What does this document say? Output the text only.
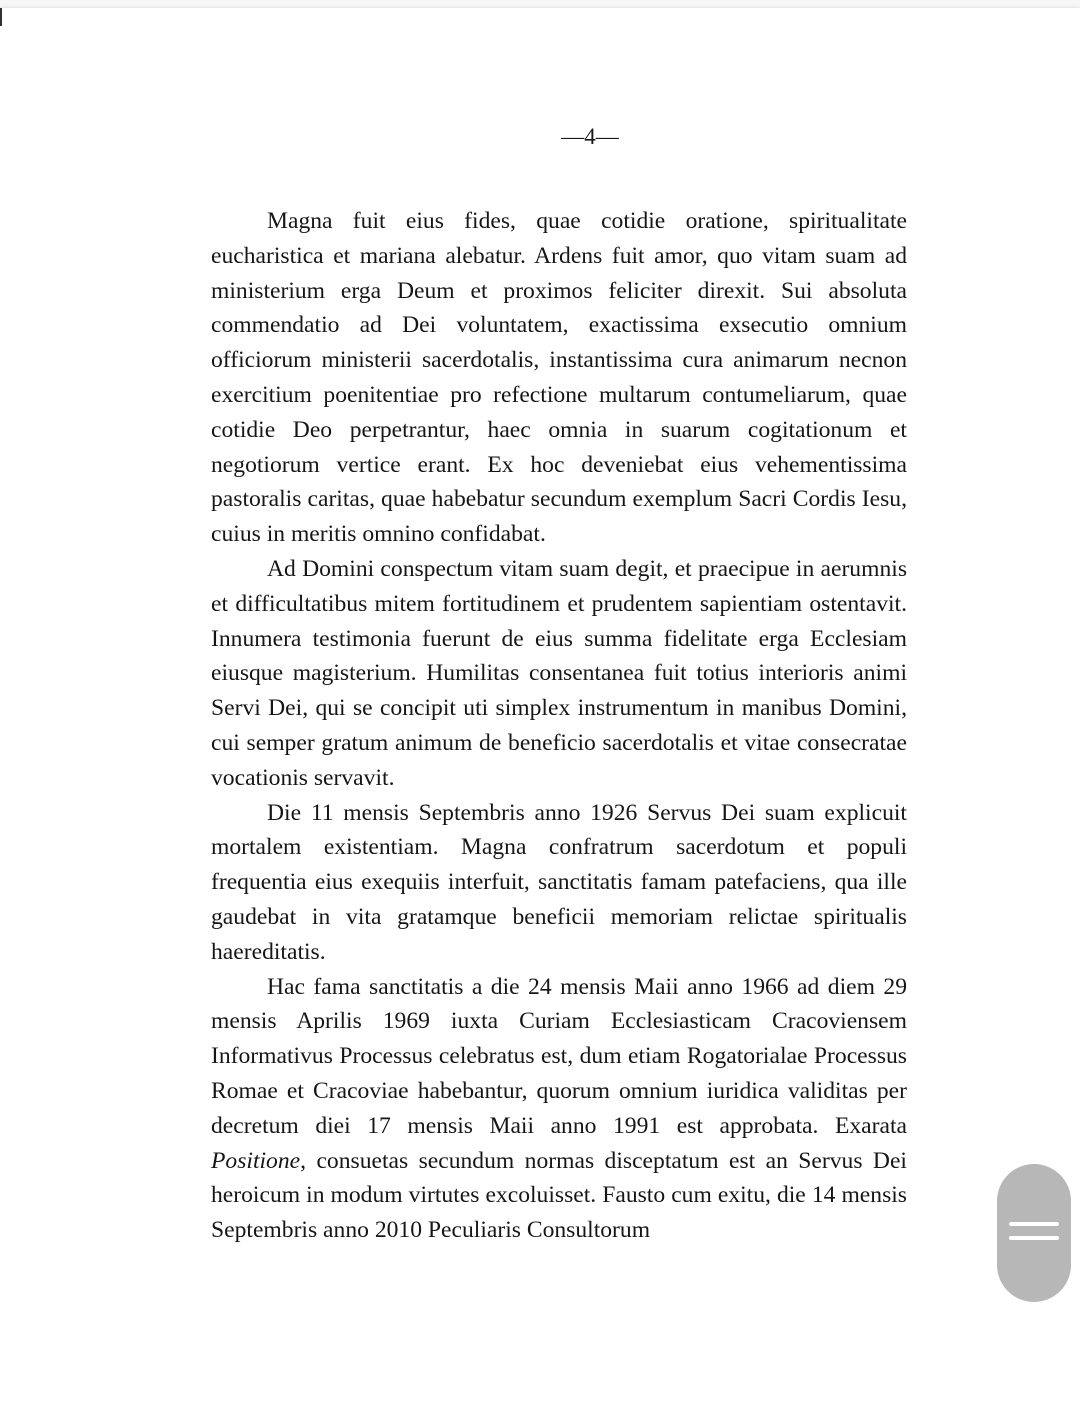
—4—

Magna fuit eius fides, quae cotidie oratione, spiritualitate eucharistica et mariana alebatur. Ardens fuit amor, quo vitam suam ad ministerium erga Deum et proximos feliciter direxit. Sui absoluta commendatio ad Dei voluntatem, exactissima exsecutio omnium officiorum ministerii sacerdotalis, instantissima cura animarum necnon exercitium poenitentiae pro refectione multarum contumeliarum, quae cotidie Deo perpetrantur, haec omnia in suarum cogitationum et negotiorum vertice erant. Ex hoc deveniebat eius vehementissima pastoralis caritas, quae habebatur secundum exemplum Sacri Cordis Iesu, cuius in meritis omnino confidabat.

Ad Domini conspectum vitam suam degit, et praecipue in aerumnis et difficultatibus mitem fortitudinem et prudentem sapientiam ostentavit. Innumera testimonia fuerunt de eius summa fidelitate erga Ecclesiam eiusque magisterium. Humilitas consentanea fuit totius interioris animi Servi Dei, qui se concipit uti simplex instrumentum in manibus Domini, cui semper gratum animum de beneficio sacerdotalis et vitae consecratae vocationis servavit.

Die 11 mensis Septembris anno 1926 Servus Dei suam explicuit mortalem existentiam. Magna confratrum sacerdotum et populi frequentia eius exequiis interfuit, sanctitatis famam patefaciens, qua ille gaudebat in vita gratamque beneficii memoriam relictae spiritualis haereditatis.

Hac fama sanctitatis a die 24 mensis Maii anno 1966 ad diem 29 mensis Aprilis 1969 iuxta Curiam Ecclesiasticam Cracoviensem Informativus Processus celebratus est, dum etiam Rogatorialae Processus Romae et Cracoviae habebantur, quorum omnium iuridica validitas per decretum diei 17 mensis Maii anno 1991 est approbata. Exarata Positione, consuetas secundum normas disceptatum est an Servus Dei heroicum in modum virtutes excoluisset. Fausto cum exitu, die 14 mensis Septembris anno 2010 Peculiaris Consultorum
